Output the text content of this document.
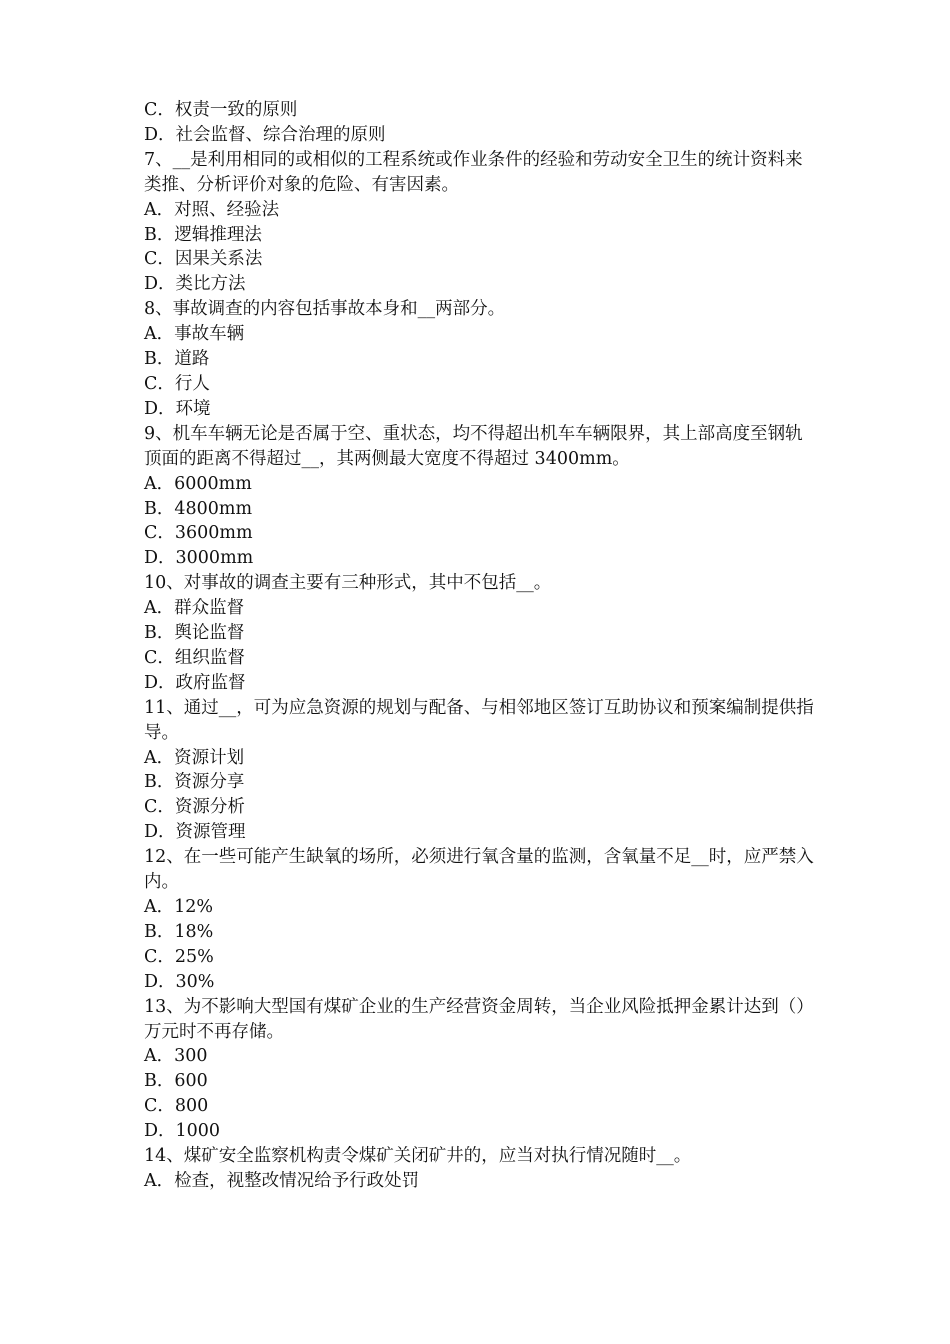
C．权责一致的原则
D．社会监督、综合治理的原则
7、__是利用相同的或相似的工程系统或作业条件的经验和劳动安全卫生的统计资料来类推、分析评价对象的危险、有害因素。
A．对照、经验法
B．逻辑推理法
C．因果关系法
D．类比方法
8、事故调查的内容包括事故本身和__两部分。
A．事故车辆
B．道路
C．行人
D．环境
9、机车车辆无论是否属于空、重状态，均不得超出机车车辆限界，其上部高度至钢轨顶面的距离不得超过__，其两侧最大宽度不得超过 3400mm。
A．6000mm
B．4800mm
C．3600mm
D．3000mm
10、对事故的调查主要有三种形式，其中不包括__。
A．群众监督
B．舆论监督
C．组织监督
D．政府监督
11、通过__，可为应急资源的规划与配备、与相邻地区签订互助协议和预案编制提供指导。
A．资源计划
B．资源分享
C．资源分析
D．资源管理
12、在一些可能产生缺氧的场所，必须进行氧含量的监测，含氧量不足__时，应严禁入内。
A．12%
B．18%
C．25%
D．30%
13、为不影响大型国有煤矿企业的生产经营资金周转，当企业风险抵押金累计达到（）万元时不再存储。
A．300
B．600
C．800
D．1000
14、煤矿安全监察机构责令煤矿关闭矿井的，应当对执行情况随时__。
A．检查，视整改情况给予行政处罚
